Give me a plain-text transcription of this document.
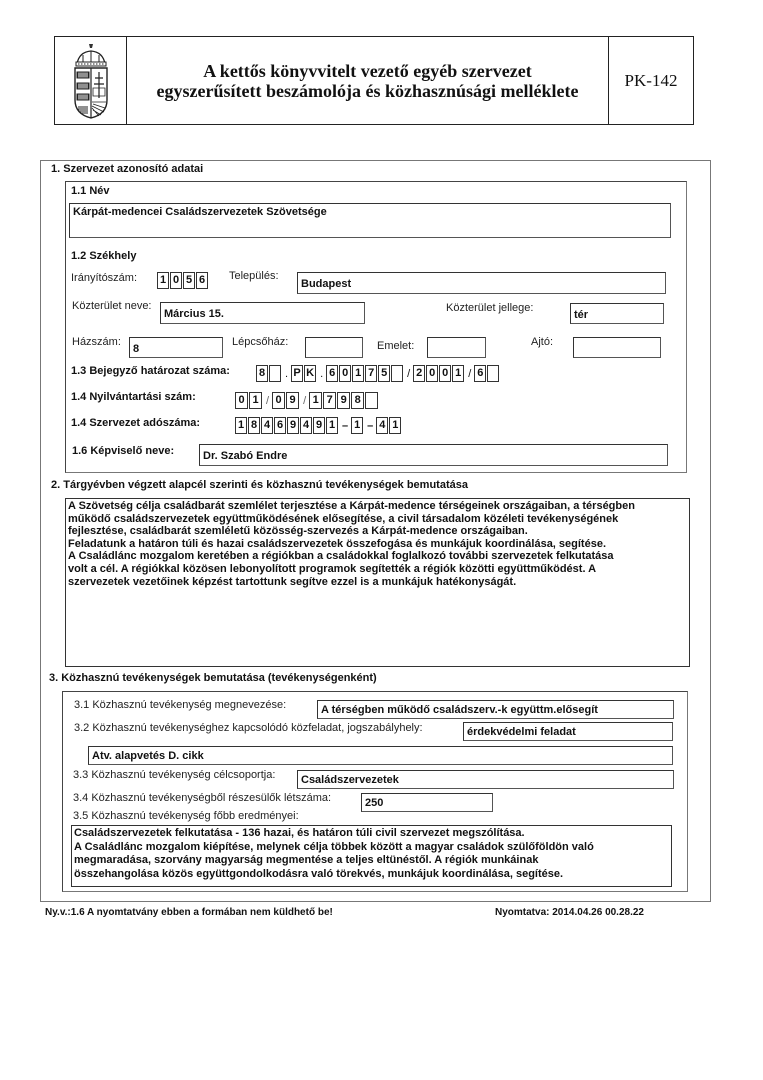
A kettős könyvvitelt vezető egyéb szervezet
egyszerűsített beszámolója és közhasznúsági melléklete
PK-142
1. Szervezet azonosító adatai
1.1 Név
Kárpát-medencei Családszervezetek Szövetsége
1.2 Székhely
Irányítószám: 1 0 5 6 Település:
Budapest
Közterület neve:
Március 15.	Közterület jellege:
tér
Házszám:
8
Lépcsőház:	Emelet:	Ajtó:
1.3 Bejegyző határozat száma:	8 . P K . 6 0 1 7 5 / 2 0 0 1 / 6
1.4 Nyilvántartási szám:	0 1 / 0 9 / 1 7 9 8
1.4 Szervezet adószáma:	1 8 4 6 9 4 9 1 – 1 – 4 1
1.6 Képviselő neve:	Dr. Szabó Endre
2. Tárgyévben végzett alapcél szerinti és közhasznú tevékenységek bemutatása

A Szövetség célja családbarát szemlélet terjesztése a Kárpát-medence térségeinek országaiban, a térségben

működő családszervezetek együttműködésének elősegítése, a civil társadalom közéleti tevékenységének

fejlesztése, családbarát szemléletű közösség-szervezés a Kárpát-medence országaiban.

Feladatunk a határon túli és hazai családszervezetek összefogása és munkájuk koordinálása, segítése.

A Családlánc mozgalom keretében a régiókban a családokkal foglalkozó további szervezetek felkutatása

volt a cél. A régiókkal közösen lebonyolított programok segítették a régiók közötti együttműködést. A

szervezetek vezetőinek képzést tartottunk segítve ezzel is a munkájuk hatékonyságát.

3. Közhasznú tevékenységek bemutatása (tevékenységenként)
3.1 Közhasznú tevékenység megnevezése:	A térségben működő családszerv.-k együttm.elősegít
3.2 Közhasznú tevékenységhez kapcsolódó közfeladat, jogszabályhely:	érdekvédelmi feladat
Atv. alapvetés D. cikk
3.3 Közhasznú tevékenység célcsoportja:	Családszervezetek
3.4 Közhasznú tevékenységből részesülők létszáma:	250
3.5 Közhasznú tevékenység főbb eredményei:

Családszervezetek felkutatása - 136 hazai, és határon túli civil szervezet megszólítása.

A Családlánc mozgalom kiépítése, melynek célja többek között a magyar családok szülőföldön való

megmaradása, szorvány magyarság megmentése a teljes eltünéstől. A régiók munkáinak

összehangolása közös együttgondolkodásra való törekvés, munkájuk koordinálása, segítése.

Ny.v.:1.6 A nyomtatvány ebben a formában nem küldhető be!	Nyomtatva: 2014.04.26 00.28.22
